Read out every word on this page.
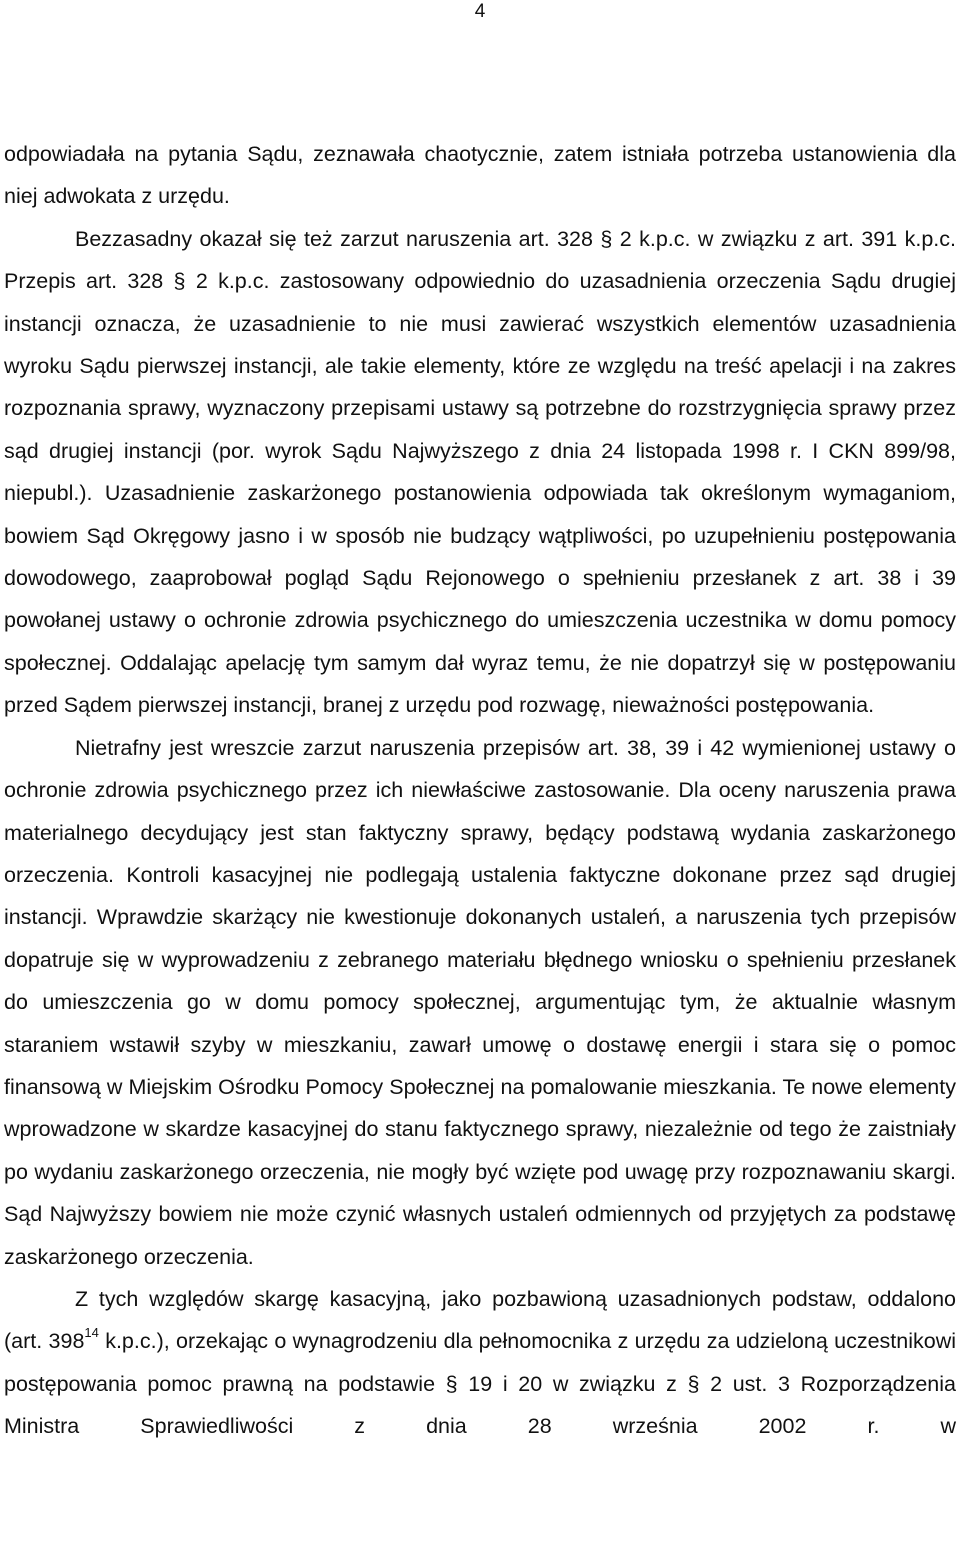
4

odpowiadała na pytania Sądu, zeznawała chaotycznie, zatem istniała potrzeba ustanowienia dla niej adwokata z urzędu.

Bezzasadny okazał się też zarzut naruszenia art. 328 § 2 k.p.c. w związku z art. 391 k.p.c. Przepis art. 328 § 2 k.p.c. zastosowany odpowiednio do uzasadnienia orzeczenia Sądu drugiej instancji oznacza, że uzasadnienie to nie musi zawierać wszystkich elementów uzasadnienia wyroku Sądu pierwszej instancji, ale takie elementy, które ze względu na treść apelacji i na zakres rozpoznania sprawy, wyznaczony przepisami ustawy są potrzebne do rozstrzygnięcia sprawy przez sąd drugiej instancji (por. wyrok Sądu Najwyższego z dnia 24 listopada 1998 r. I CKN 899/98, niepubl.). Uzasadnienie zaskarżonego postanowienia odpowiada tak określonym wymaganiom, bowiem Sąd Okręgowy jasno i w sposób nie budzący wątpliwości, po uzupełnieniu postępowania dowodowego, zaaprobował pogląd Sądu Rejonowego o spełnieniu przesłanek z art. 38 i 39 powołanej ustawy o ochronie zdrowia psychicznego do umieszczenia uczestnika w domu pomocy społecznej. Oddalając apelację tym samym dał wyraz temu, że nie dopatrzył się w postępowaniu przed Sądem pierwszej instancji, branej z urzędu pod rozwagę, nieważności postępowania.

Nietrafny jest wreszcie zarzut naruszenia przepisów art. 38, 39 i 42 wymienionej ustawy o ochronie zdrowia psychicznego przez ich niewłaściwe zastosowanie. Dla oceny naruszenia prawa materialnego decydujący jest stan faktyczny sprawy, będący podstawą wydania zaskarżonego orzeczenia. Kontroli kasacyjnej nie podlegają ustalenia faktyczne dokonane przez sąd drugiej instancji. Wprawdzie skarżący nie kwestionuje dokonanych ustaleń, a naruszenia tych przepisów dopatruje się w wyprowadzeniu z zebranego materiału błędnego wniosku o spełnieniu przesłanek do umieszczenia go w domu pomocy społecznej, argumentując tym, że aktualnie własnym staraniem wstawił szyby w mieszkaniu, zawarł umowę o dostawę energii i stara się o pomoc finansową w Miejskim Ośrodku Pomocy Społecznej na pomalowanie mieszkania. Te nowe elementy wprowadzone w skardze kasacyjnej do stanu faktycznego sprawy, niezależnie od tego że zaistniały po wydaniu zaskarżonego orzeczenia, nie mogły być wzięte pod uwagę przy rozpoznawaniu skargi. Sąd Najwyższy bowiem nie może czynić własnych ustaleń odmiennych od przyjętych za podstawę zaskarżonego orzeczenia.

Z tych względów skargę kasacyjną, jako pozbawioną uzasadnionych podstaw, oddalono (art. $398^{14}$ k.p.c.), orzekając o wynagrodzeniu dla pełnomocnika z urzędu za udzieloną uczestnikowi postępowania pomoc prawną na podstawie § 19 i 20 w związku z § 2 ust. 3 Rozporządzenia Ministra Sprawiedliwości z dnia 28 września 2002 r. w
